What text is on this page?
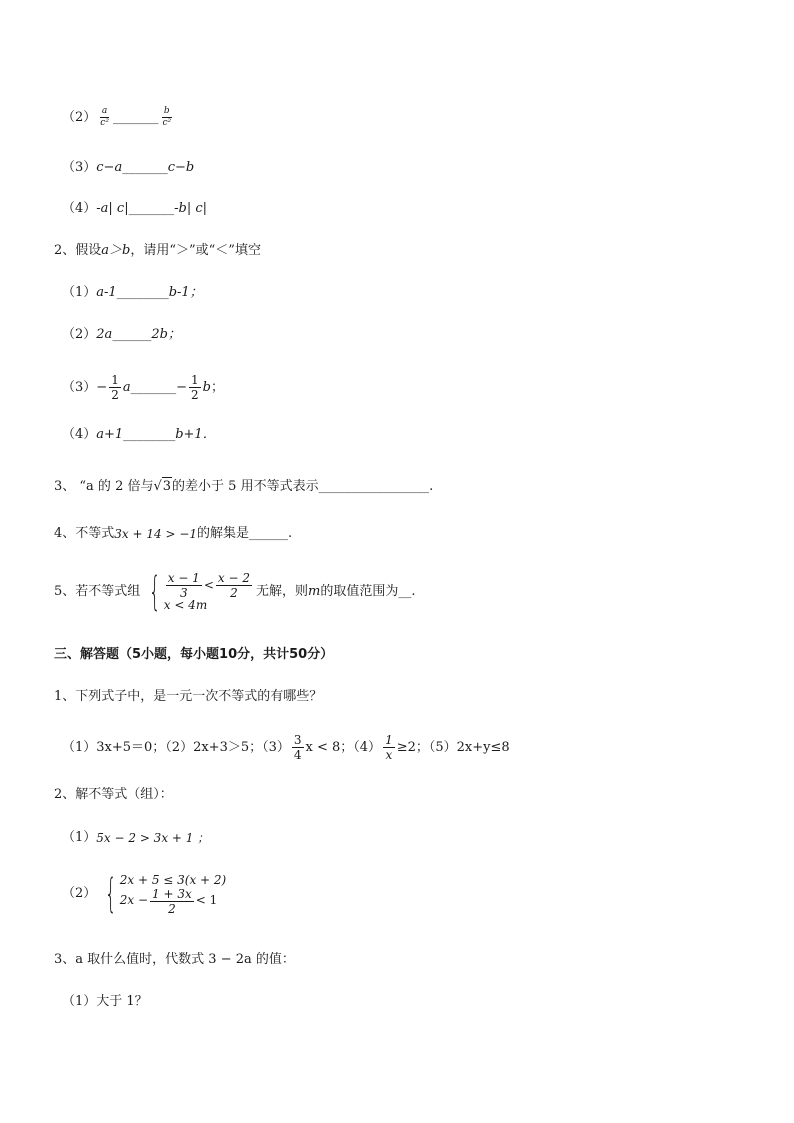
$(2) \frac{a}{\text{c²}}$ _______ $\frac{b}{\text{c²}}$
（3） c−a _______ c−b
（4） -a| c| _______ -b| c|
2、假设 a＞b ，请用“＞”或“＜”填空
（1） a-1 ________ b-1；
（2） 2a ______ 2b；
$(3) - \frac{1}{2}$ a _______ − $\frac{1}{2}$ b ；
（4） a+1 ________ b+1．
3、 “a 的 2 倍与 √ 3 的差小于 5 用不等式表示 _________________ .
4、不等式 3x + 14 > −1 的解集是 ______ .
5、若不等式组 { $\frac{x - 1}{3} < \frac{x - 2}{2}$
x < 4m
无解，则 m 的取值范围为 __ .
三、解答题（5小题，每小题10分，共计50分）
1、下列式子中，是一元一次不等式的有哪些？
（1）3x+5＝0；（2）2x+3＞5；$(3) \frac{3}{4}$ x < 8；$(4) \frac{1}{x} \ge 2$；（5）2x+y≤8
2、解不等式（组）：
（1） 5x − 2 > 3x + 1 ；
（2） { 2x + 5 ≤ 3(x + 2)
$2x - \frac{1 + 3x}{2} < 1$
3、a 取什么值时，代数式 3 − 2a 的值：
（1）大于 1？
